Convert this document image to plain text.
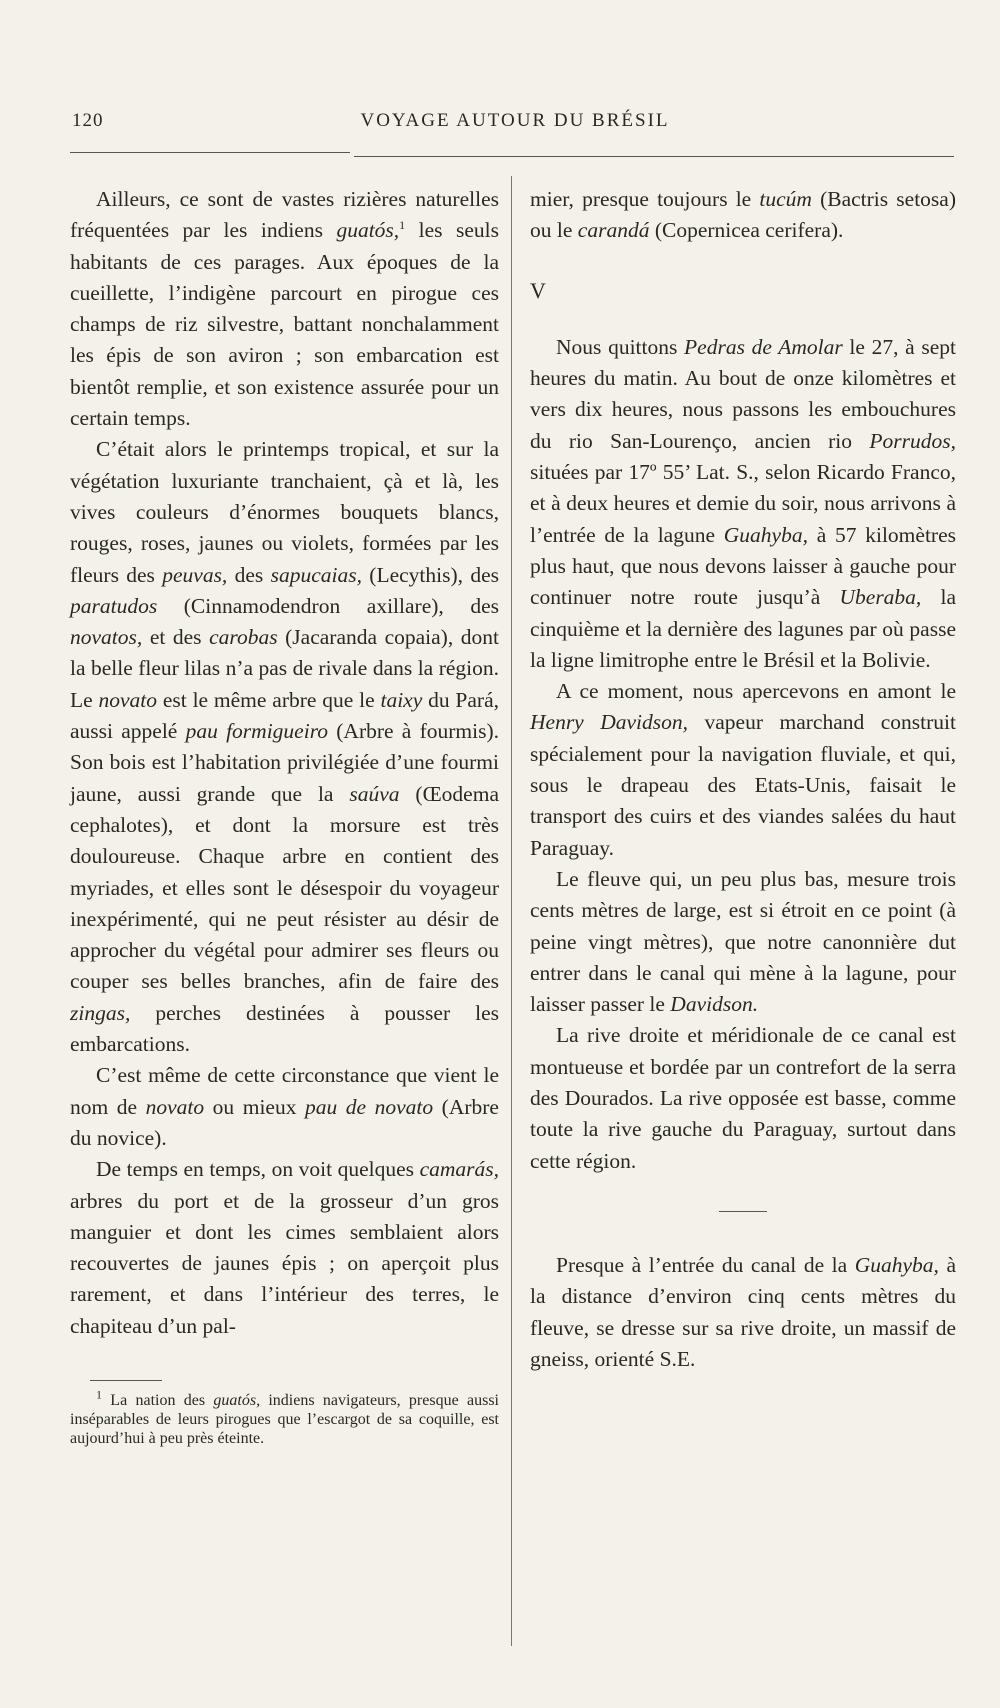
120	VOYAGE AUTOUR DU BRÉSIL

Ailleurs, ce sont de vastes rizières naturelles fréquentées par les indiens guatós,$^1$ les seuls habitants de ces parages. Aux époques de la cueillette, l’indigène parcourt en pirogue ces champs de riz silvestre, battant nonchalamment les épis de son aviron ; son embarcation est bientôt remplie, et son existence assurée pour un certain temps.

C’était alors le printemps tropical, et sur la végétation luxuriante tranchaient, çà et là, les vives couleurs d’énormes bouquets blancs, rouges, roses, jaunes ou violets, formées par les fleurs des peuvas, des sapucaias, (Lecythis), des paratudos (Cinnamodendron axillare), des novatos, et des carobas (Jacaranda copaia), dont la belle fleur lilas n’a pas de rivale dans la région. Le novato est le même arbre que le taixy du Pará, aussi appelé pau formigueiro (Arbre à fourmis). Son bois est l’habitation privilégiée d’une fourmi jaune, aussi grande que la saúva (Œodema cephalotes), et dont la morsure est très douloureuse. Chaque arbre en contient des myriades, et elles sont le désespoir du voyageur inexpérimenté, qui ne peut résister au désir de approcher du végétal pour admirer ses fleurs ou couper ses belles branches, afin de faire des zingas, perches destinées à pousser les embarcations.

C’est même de cette circonstance que vient le nom de novato ou mieux pau de novato (Arbre du novice).

De temps en temps, on voit quelques camarás, arbres du port et de la grosseur d’un gros manguier et dont les cimes semblaient alors recouvertes de jaunes épis ; on aperçoit plus rarement, et dans l’intérieur des terres, le chapiteau d’un pal-

$^1$ La nation des guatós, indiens navigateurs, presque aussi inséparables de leurs pirogues que l’escargot de sa coquille, est aujourd’hui à peu près éteinte.

mier, presque toujours le tucúm (Bactris setosa) ou le carandá (Copernicea cerifera).

V

Nous quittons Pedras de Amolar le 27, à sept heures du matin. Au bout de onze kilomètres et vers dix heures, nous passons les embouchures du rio San-Lourenço, ancien rio Porrudos, situées par 17º 55’ Lat. S., selon Ricardo Franco, et à deux heures et demie du soir, nous arrivons à l’entrée de la lagune Guahyba, à 57 kilomètres plus haut, que nous devons laisser à gauche pour continuer notre route jusqu’à Uberaba, la cinquième et la dernière des lagunes par où passe la ligne limitrophe entre le Brésil et la Bolivie.

A ce moment, nous apercevons en amont le Henry Davidson, vapeur marchand construit spécialement pour la navigation fluviale, et qui, sous le drapeau des Etats-Unis, faisait le transport des cuirs et des viandes salées du haut Paraguay.

Le fleuve qui, un peu plus bas, mesure trois cents mètres de large, est si étroit en ce point (à peine vingt mètres), que notre canonnière dut entrer dans le canal qui mène à la lagune, pour laisser passer le Davidson.

La rive droite et méridionale de ce canal est montueuse et bordée par un contrefort de la serra des Dourados. La rive opposée est basse, comme toute la rive gauche du Paraguay, surtout dans cette région.

Presque à l’entrée du canal de la Guahyba, à la distance d’environ cinq cents mètres du fleuve, se dresse sur sa rive droite, un massif de gneiss, orienté S.E.
